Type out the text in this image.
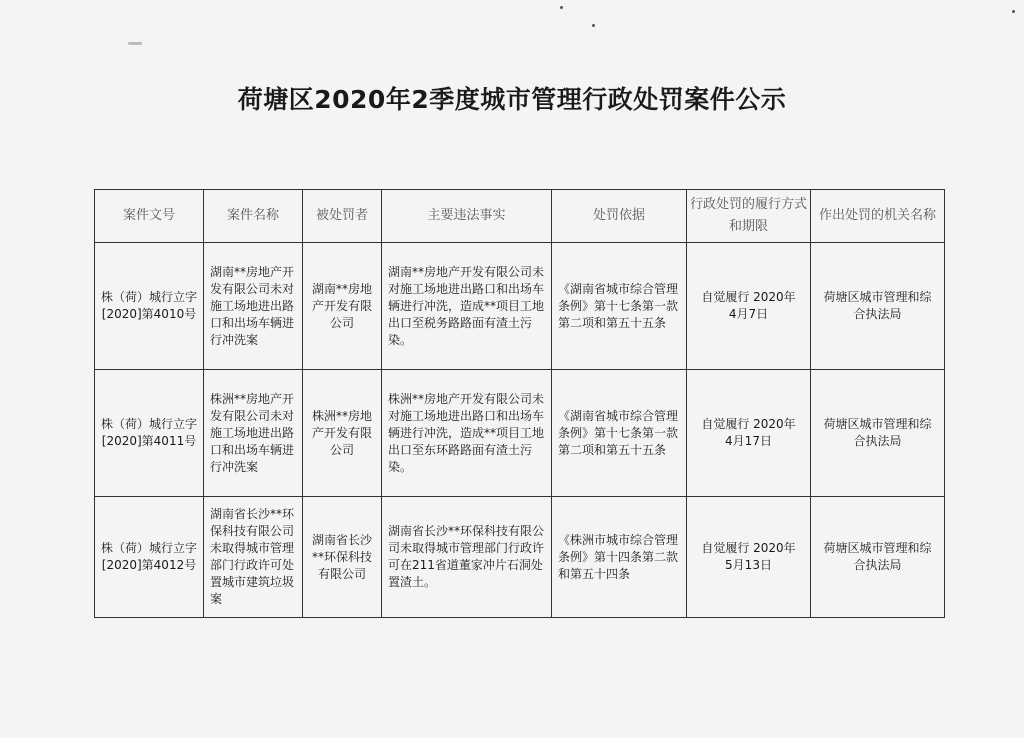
荷塘区2020年2季度城市管理行政处罚案件公示
案件文号	案件名称	被处罚者	主要违法事实	处罚依据	行政处罚的履行方式和期限	作出处罚的机关名称

株（荷）城行立字[2020]第4010号	湖南**房地产开发有限公司未对施工场地进出路口和出场车辆进行冲洗案	湖南**房地产开发有限公司	湖南**房地产开发有限公司未对施工场地进出路口和出场车辆进行冲洗，造成**项目工地出口至税务路路面有渣土污染。	《湖南省城市综合管理条例》第十七条第一款第二项和第五十五条	自觉履行 2020年4月7日	荷塘区城市管理和综合执法局

株（荷）城行立字[2020]第4011号	株洲**房地产开发有限公司未对施工场地进出路口和出场车辆进行冲洗案	株洲**房地产开发有限公司	株洲**房地产开发有限公司未对施工场地进出路口和出场车辆进行冲洗，造成**项目工地出口至东环路路面有渣土污染。	《湖南省城市综合管理条例》第十七条第一款第二项和第五十五条	自觉履行 2020年4月17日	荷塘区城市管理和综合执法局

株（荷）城行立字[2020]第4012号	湖南省长沙**环保科技有限公司未取得城市管理部门行政许可处置城市建筑垃圾案	湖南省长沙**环保科技有限公司	湖南省长沙**环保科技有限公司未取得城市管理部门行政许可在211省道董家冲片石洞处置渣土。	《株洲市城市综合管理条例》第十四条第二款和第五十四条	自觉履行 2020年5月13日	荷塘区城市管理和综合执法局
